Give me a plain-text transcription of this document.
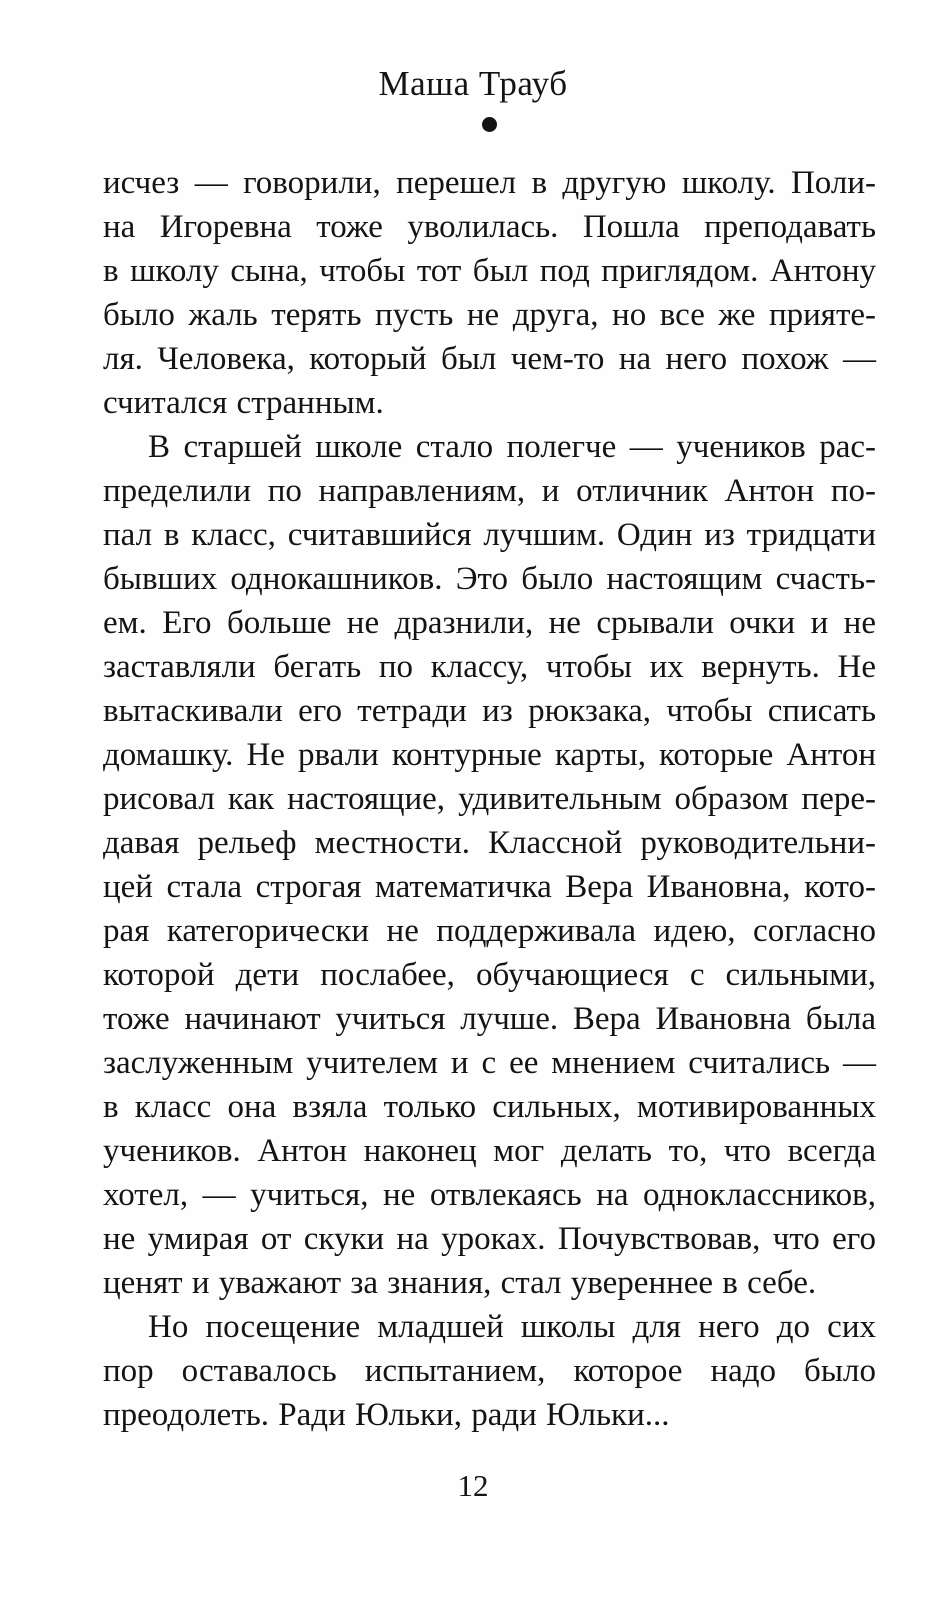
Маша Трауб
исчез — говорили, перешел в другую школу. Поли-
на Игоревна тоже уволилась. Пошла преподавать
в школу сына, чтобы тот был под приглядом. Антону
было жаль терять пусть не друга, но все же прияте-
ля. Человека, который был чем-то на него похож —
считался странным.
В старшей школе стало полегче — учеников рас-
пределили по направлениям, и отличник Антон по-
пал в класс, считавшийся лучшим. Один из тридцати
бывших однокашников. Это было настоящим счасть-
ем. Его больше не дразнили, не срывали очки и не
заставляли бегать по классу, чтобы их вернуть. Не
вытаскивали его тетради из рюкзака, чтобы списать
домашку. Не рвали контурные карты, которые Антон
рисовал как настоящие, удивительным образом пере-
давая рельеф местности. Классной руководительни-
цей стала строгая математичка Вера Ивановна, кото-
рая категорически не поддерживала идею, согласно
которой дети послабее, обучающиеся с сильными,
тоже начинают учиться лучше. Вера Ивановна была
заслуженным учителем и с ее мнением считались —
в класс она взяла только сильных, мотивированных
учеников. Антон наконец мог делать то, что всегда
хотел, — учиться, не отвлекаясь на одноклассников,
не умирая от скуки на уроках. Почувствовав, что его
ценят и уважают за знания, стал увереннее в себе.
Но посещение младшей школы для него до сих
пор оставалось испытанием, которое надо было
преодолеть. Ради Юльки, ради Юльки...
12
